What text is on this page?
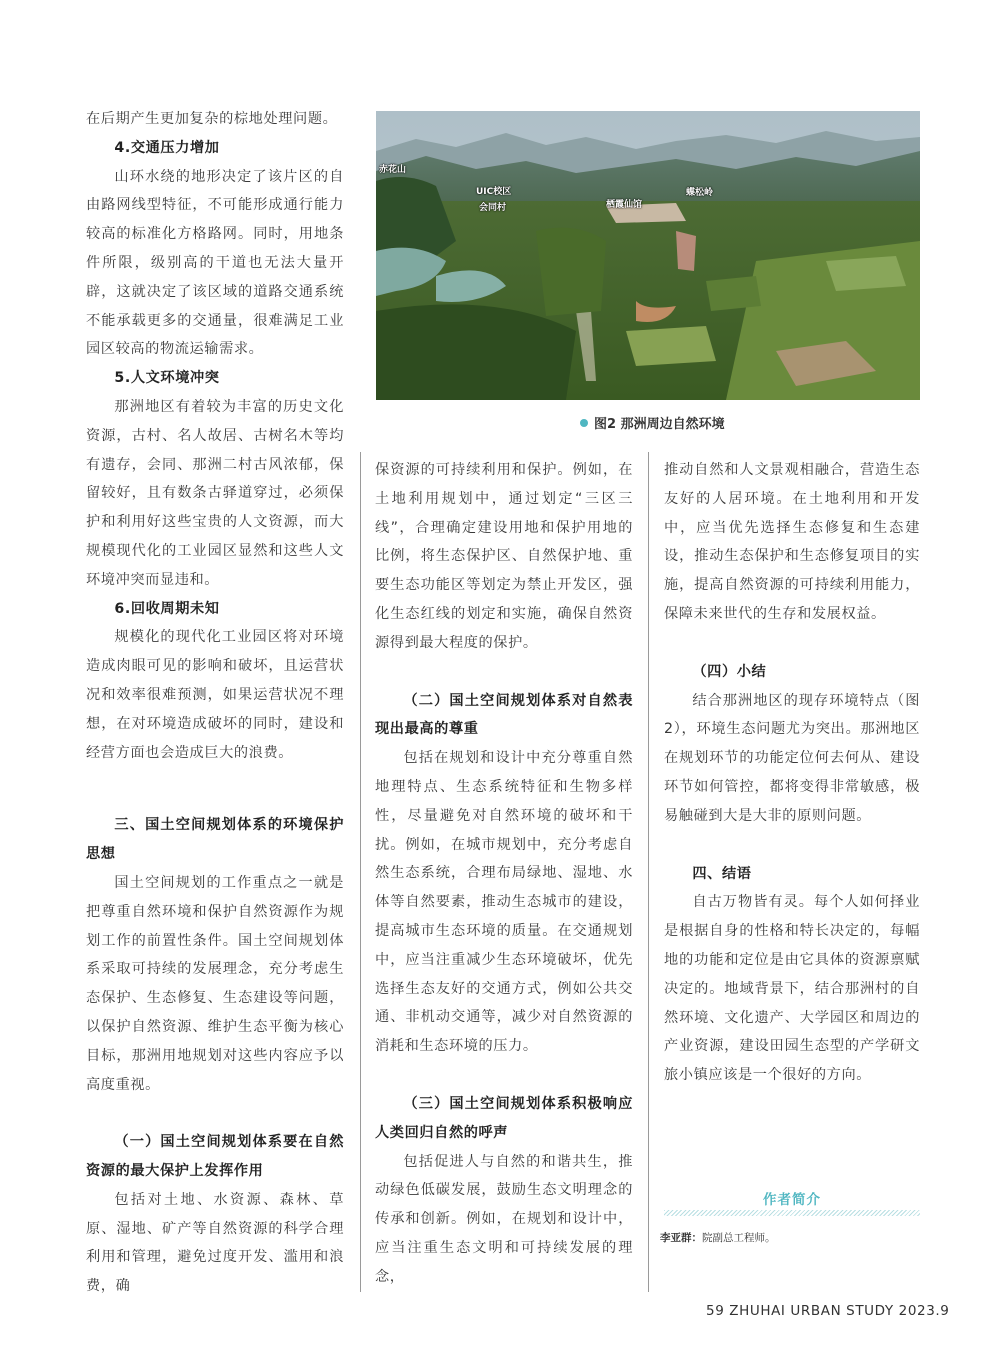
在后期产生更加复杂的棕地处理问题。

4.交通压力增加

山环水绕的地形决定了该片区的自由路网线型特征，不可能形成通行能力较高的标准化方格路网。同时，用地条件所限，级别高的干道也无法大量开辟，这就决定了该区域的道路交通系统不能承载更多的交通量，很难满足工业园区较高的物流运输需求。

5.人文环境冲突

那洲地区有着较为丰富的历史文化资源，古村、名人故居、古树名木等均有遗存，会同、那洲二村古风浓郁，保留较好，且有数条古驿道穿过，必须保护和利用好这些宝贵的人文资源，而大规模现代化的工业园区显然和这些人文环境冲突而显违和。

6.回收周期未知

规模化的现代化工业园区将对环境造成肉眼可见的影响和破坏，且运营状况和效率很难预测，如果运营状况不理想，在对环境造成破坏的同时，建设和经营方面也会造成巨大的浪费。

三、国土空间规划体系的环境保护思想

国土空间规划的工作重点之一就是把尊重自然环境和保护自然资源作为规划工作的前置性条件。国土空间规划体系采取可持续的发展理念，充分考虑生态保护、生态修复、生态建设等问题，以保护自然资源、维护生态平衡为核心目标，那洲用地规划对这些内容应予以高度重视。

（一）国土空间规划体系要在自然资源的最大保护上发挥作用

包括对土地、水资源、森林、草原、湿地、矿产等自然资源的科学合理利用和管理，避免过度开发、滥用和浪费，确

赤花山
UIC校区
会同村	栖霞仙馆
蝶松岭
图2 那洲周边自然环境

保资源的可持续利用和保护。例如，在土地利用规划中，通过划定“三区三线”，合理确定建设用地和保护用地的比例，将生态保护区、自然保护地、重要生态功能区等划定为禁止开发区，强化生态红线的划定和实施，确保自然资源得到最大程度的保护。

（二）国土空间规划体系对自然表现出最高的尊重

包括在规划和设计中充分尊重自然地理特点、生态系统特征和生物多样性，尽量避免对自然环境的破坏和干扰。例如，在城市规划中，充分考虑自然生态系统，合理布局绿地、湿地、水体等自然要素，推动生态城市的建设，提高城市生态环境的质量。在交通规划中，应当注重减少生态环境破坏，优先选择生态友好的交通方式，例如公共交通、非机动交通等，减少对自然资源的消耗和生态环境的压力。

（三）国土空间规划体系积极响应人类回归自然的呼声

包括促进人与自然的和谐共生，推动绿色低碳发展，鼓励生态文明理念的传承和创新。例如，在规划和设计中，应当注重生态文明和可持续发展的理念，

推动自然和人文景观相融合，营造生态友好的人居环境。在土地利用和开发中，应当优先选择生态修复和生态建设，推动生态保护和生态修复项目的实施，提高自然资源的可持续利用能力，保障未来世代的生存和发展权益。

（四）小结

结合那洲地区的现存环境特点（图2），环境生态问题尤为突出。那洲地区在规划环节的功能定位何去何从、建设环节如何管控，都将变得非常敏感，极易触碰到大是大非的原则问题。

四、结语

自古万物皆有灵。每个人如何择业是根据自身的性格和特长决定的，每幅地的功能和定位是由它具体的资源禀赋决定的。地域背景下，结合那洲村的自然环境、文化遗产、大学园区和周边的产业资源，建设田园生态型的产学研文旅小镇应该是一个很好的方向。

作者简介
李亚群：院副总工程师。
59 ZHUHAI URBAN STUDY 2023.9
